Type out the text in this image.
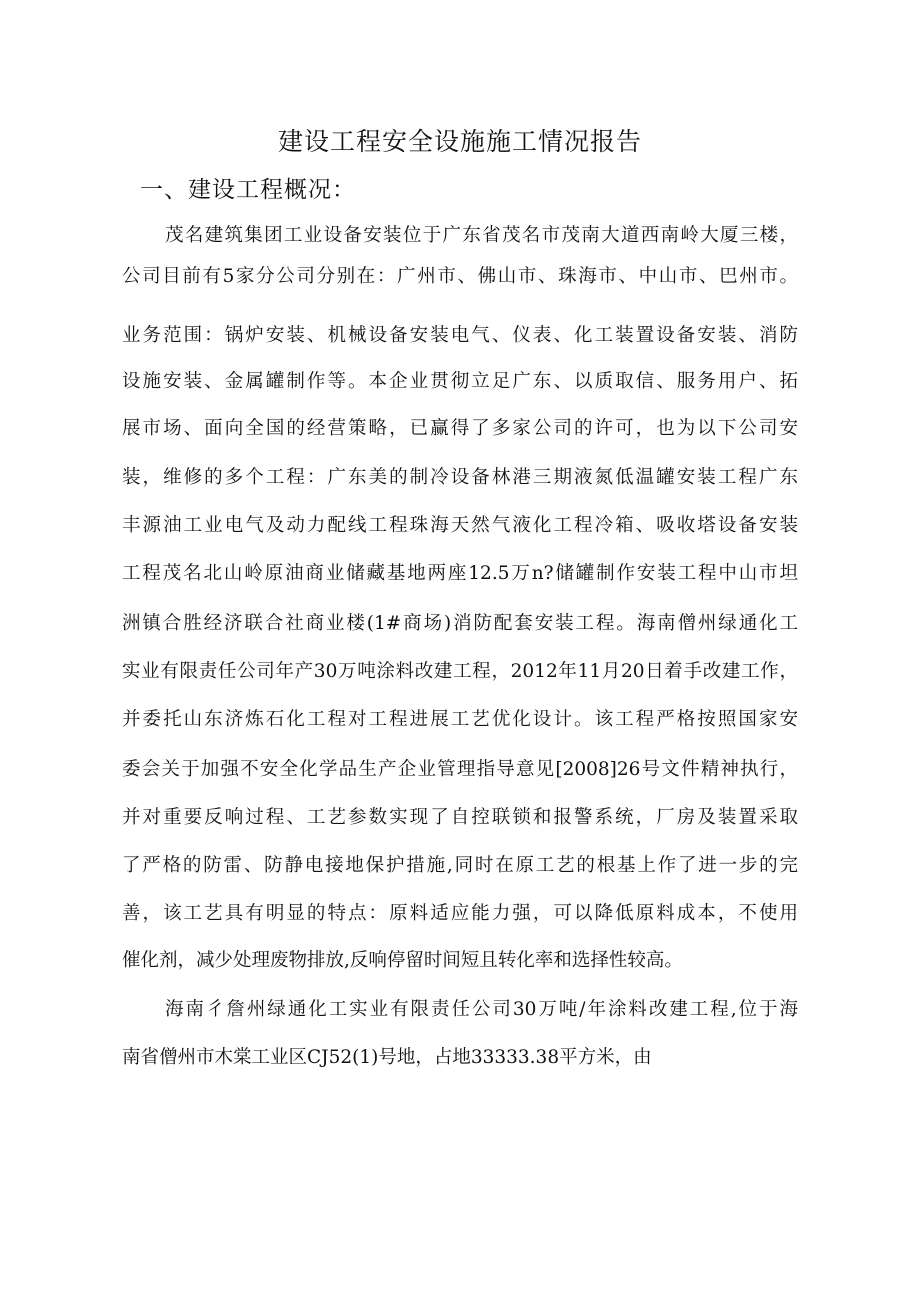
建设工程安全设施施工情况报告
一、建设工程概况：
茂名建筑集团工业设备安装位于广东省茂名市茂南大道西南岭大厦三楼，
公司目前有5家分公司分别在：广州市、佛山市、珠海市、中山市、巴州市。
业务范围：锅炉安装、机械设备安装电气、仪表、化工装置设备安装、消防
设施安装、金属罐制作等。本企业贯彻立足广东、以质取信、服务用户、拓
展市场、面向全国的经营策略，已赢得了多家公司的许可，也为以下公司安
装，维修的多个工程：广东美的制冷设备林港三期液氮低温罐安装工程广东
丰源油工业电气及动力配线工程珠海天然气液化工程冷箱、吸收塔设备安装
工程茂名北山岭原油商业储藏基地两座12.5万n?储罐制作安装工程中山市坦
洲镇合胜经济联合社商业楼(1#商场)消防配套安装工程。海南僧州绿通化工
实业有限责任公司年产30万吨涂料改建工程，2012年11月20日着手改建工作，
并委托山东济炼石化工程对工程进展工艺优化设计。该工程严格按照国家安
委会关于加强不安全化学品生产企业管理指导意见[2008]26号文件精神执行，
并对重要反响过程、工艺参数实现了自控联锁和报警系统，厂房及装置采取
了严格的防雷、防静电接地保护措施,同时在原工艺的根基上作了进一步的完
善，该工艺具有明显的特点：原料适应能力强，可以降低原料成本，不使用
催化剂，减少处理废物排放,反响停留时间短且转化率和选择性较高。
海南彳詹州绿通化工实业有限责任公司30万吨/年涂料改建工程,位于海
南省僧州市木棠工业区CJ52(1)号地，占地33333.38平方米，由
